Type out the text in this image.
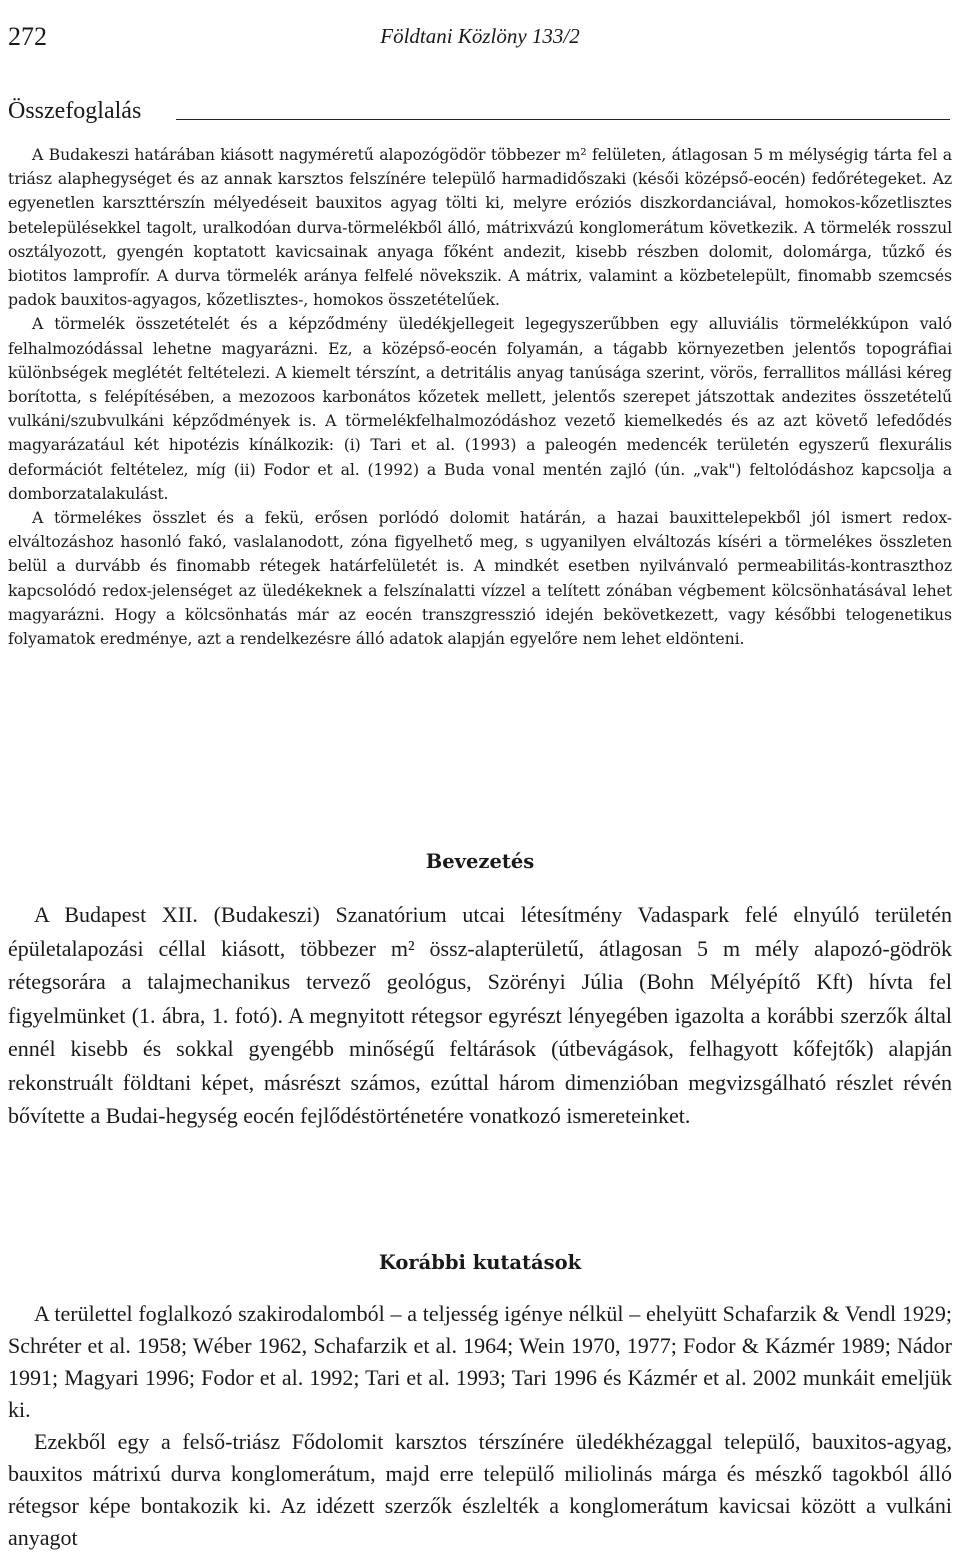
272	Földtani Közlöny 133/2
Összefoglalás

A Budakeszi határában kiásott nagyméretű alapozógödör többezer m² felületen, átlagosan 5 m mélységig tárta fel a triász alaphegységet és az annak karsztos felszínére települő harmadidőszaki (késői középső-eocén) fedőrétegeket. Az egyenetlen karszttérszín mélyedéseit bauxitos agyag tölti ki, melyre eróziós diszkordanciával, homokos-kőzetlisztes betelepülésekkel tagolt, uralkodóan durva-törmelékből álló, mátrixvázú konglomerátum következik. A törmelék rosszul osztályozott, gyengén koptatott kavicsainak anyaga főként andezit, kisebb részben dolomit, dolomárga, tűzkő és biotitos lamprofír. A durva törmelék aránya felfelé növekszik. A mátrix, valamint a közbetelepült, finomabb szemcsés padok bauxitos-agyagos, kőzetlisztes-, homokos összetételűek.

A törmelék összetételét és a képződmény üledékjellegeit legegyszerűbben egy alluviális törmelékkúpon való felhalmozódással lehetne magyarázni. Ez, a középső-eocén folyamán, a tágabb környezetben jelentős topográfiai különbségek meglétét feltételezi. A kiemelt térszínt, a detritális anyag tanúsága szerint, vörös, ferrallitos mállási kéreg borította, s felépítésében, a mezozoos karbonátos kőzetek mellett, jelentős szerepet játszottak andezites összetételű vulkáni/szubvulkáni képződmények is. A törmelékfelhalmozódáshoz vezető kiemelkedés és az azt követő lefedődés magyarázatául két hipotézis kínálkozik: (i) Tari et al. (1993) a paleogén medencék területén egyszerű flexurális deformációt feltételez, míg (ii) Fodor et al. (1992) a Buda vonal mentén zajló (ún. „vak") feltolódáshoz kapcsolja a domborzatalakulást.

A törmelékes összlet és a fekü, erősen porlódó dolomit határán, a hazai bauxittelepekből jól ismert redox-elváltozáshoz hasonló fakó, vaslalanodott, zóna figyelhető meg, s ugyanilyen elváltozás kíséri a törmelékes összleten belül a durvább és finomabb rétegek határfelületét is. A mindkét esetben nyilvánvaló permeabilitás-kontraszthoz kapcsolódó redox-jelenséget az üledékeknek a felszínalatti vízzel a telített zónában végbement kölcsönhatásával lehet magyarázni. Hogy a kölcsönhatás már az eocén transzgresszió idején bekövetkezett, vagy későbbi telogenetikus folyamatok eredménye, azt a rendelkezésre álló adatok alapján egyelőre nem lehet eldönteni.

Bevezetés

A Budapest XII. (Budakeszi) Szanatórium utcai létesítmény Vadaspark felé elnyúló területén épületalapozási céllal kiásott, többezer m² össz-alapterületű, átlagosan 5 m mély alapozó-gödrök rétegsorára a talajmechanikus tervező geológus, Szörényi Júlia (Bohn Mélyépítő Kft) hívta fel figyelmünket (1. ábra, 1. fotó). A megnyitott rétegsor egyrészt lényegében igazolta a korábbi szerzők által ennél kisebb és sokkal gyengébb minőségű feltárások (útbevágások, felhagyott kőfejtők) alapján rekonstruált földtani képet, másrészt számos, ezúttal három dimenzióban megvizsgálható részlet révén bővítette a Budai-hegység eocén fejlődéstörténetére vonatkozó ismereteinket.

Korábbi kutatások

A területtel foglalkozó szakirodalomból – a teljesség igénye nélkül – ehelyütt Schafarzik & Vendl 1929; Schréter et al. 1958; Wéber 1962, Schafarzik et al. 1964; Wein 1970, 1977; Fodor & Kázmér 1989; Nádor 1991; Magyari 1996; Fodor et al. 1992; Tari et al. 1993; Tari 1996 és Kázmér et al. 2002 munkáit emeljük ki.

Ezekből egy a felső-triász Fődolomit karsztos térszínére üledékhézaggal települő, bauxitos-agyag, bauxitos mátrixú durva konglomerátum, majd erre települő miliolinás márga és mészkő tagokból álló rétegsor képe bontakozik ki. Az idézett szerzők észlelték a konglomerátum kavicsai között a vulkáni anyagot
